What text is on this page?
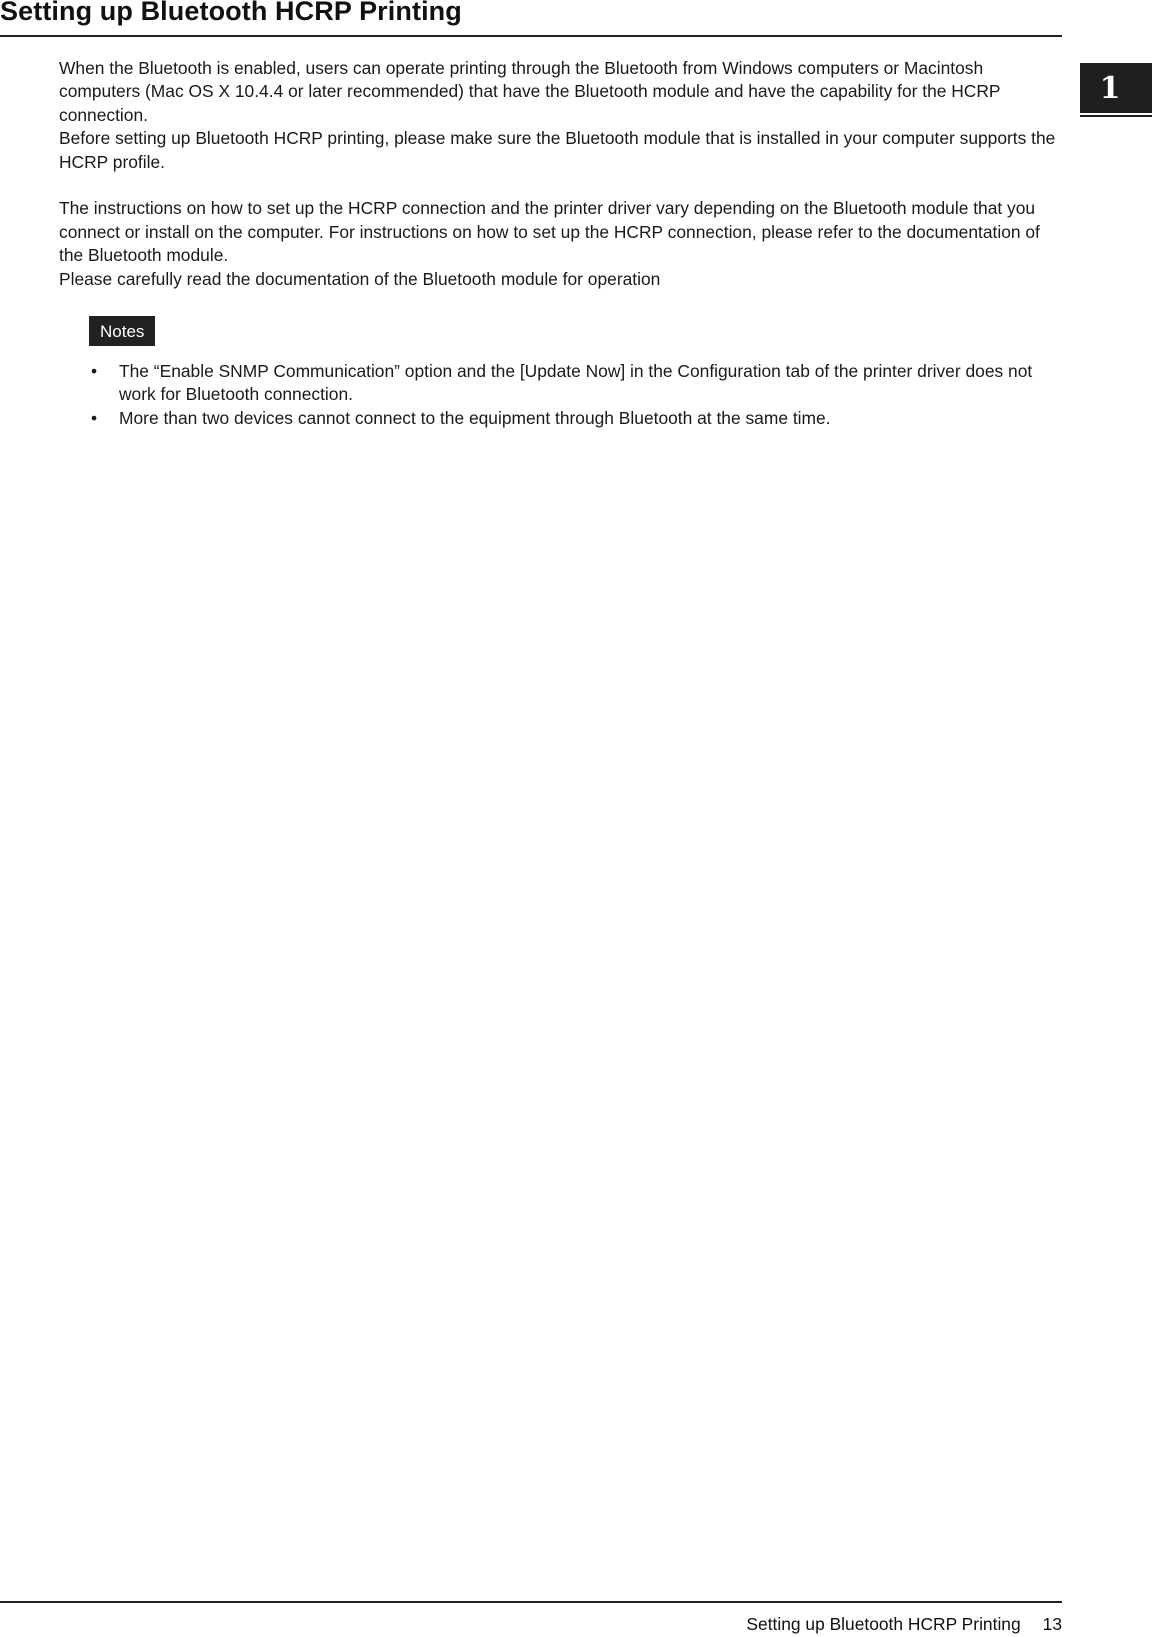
Setting up Bluetooth HCRP Printing
1

When the Bluetooth is enabled, users can operate printing through the Bluetooth from Windows computers or Macintosh computers (Mac OS X 10.4.4 or later recommended) that have the Bluetooth module and have the capability for the HCRP connection.

Before setting up Bluetooth HCRP printing, please make sure the Bluetooth module that is installed in your computer supports the HCRP profile.

The instructions on how to set up the HCRP connection and the printer driver vary depending on the Bluetooth module that you connect or install on the computer. For instructions on how to set up the HCRP connection, please refer to the documentation of the Bluetooth module.

Please carefully read the documentation of the Bluetooth module for operation

Notes
• The “Enable SNMP Communication” option and the [Update Now] in the Configuration tab of the printer driver does not work for Bluetooth connection.
• More than two devices cannot connect to the equipment through Bluetooth at the same time.
Setting up Bluetooth HCRP Printing 13
